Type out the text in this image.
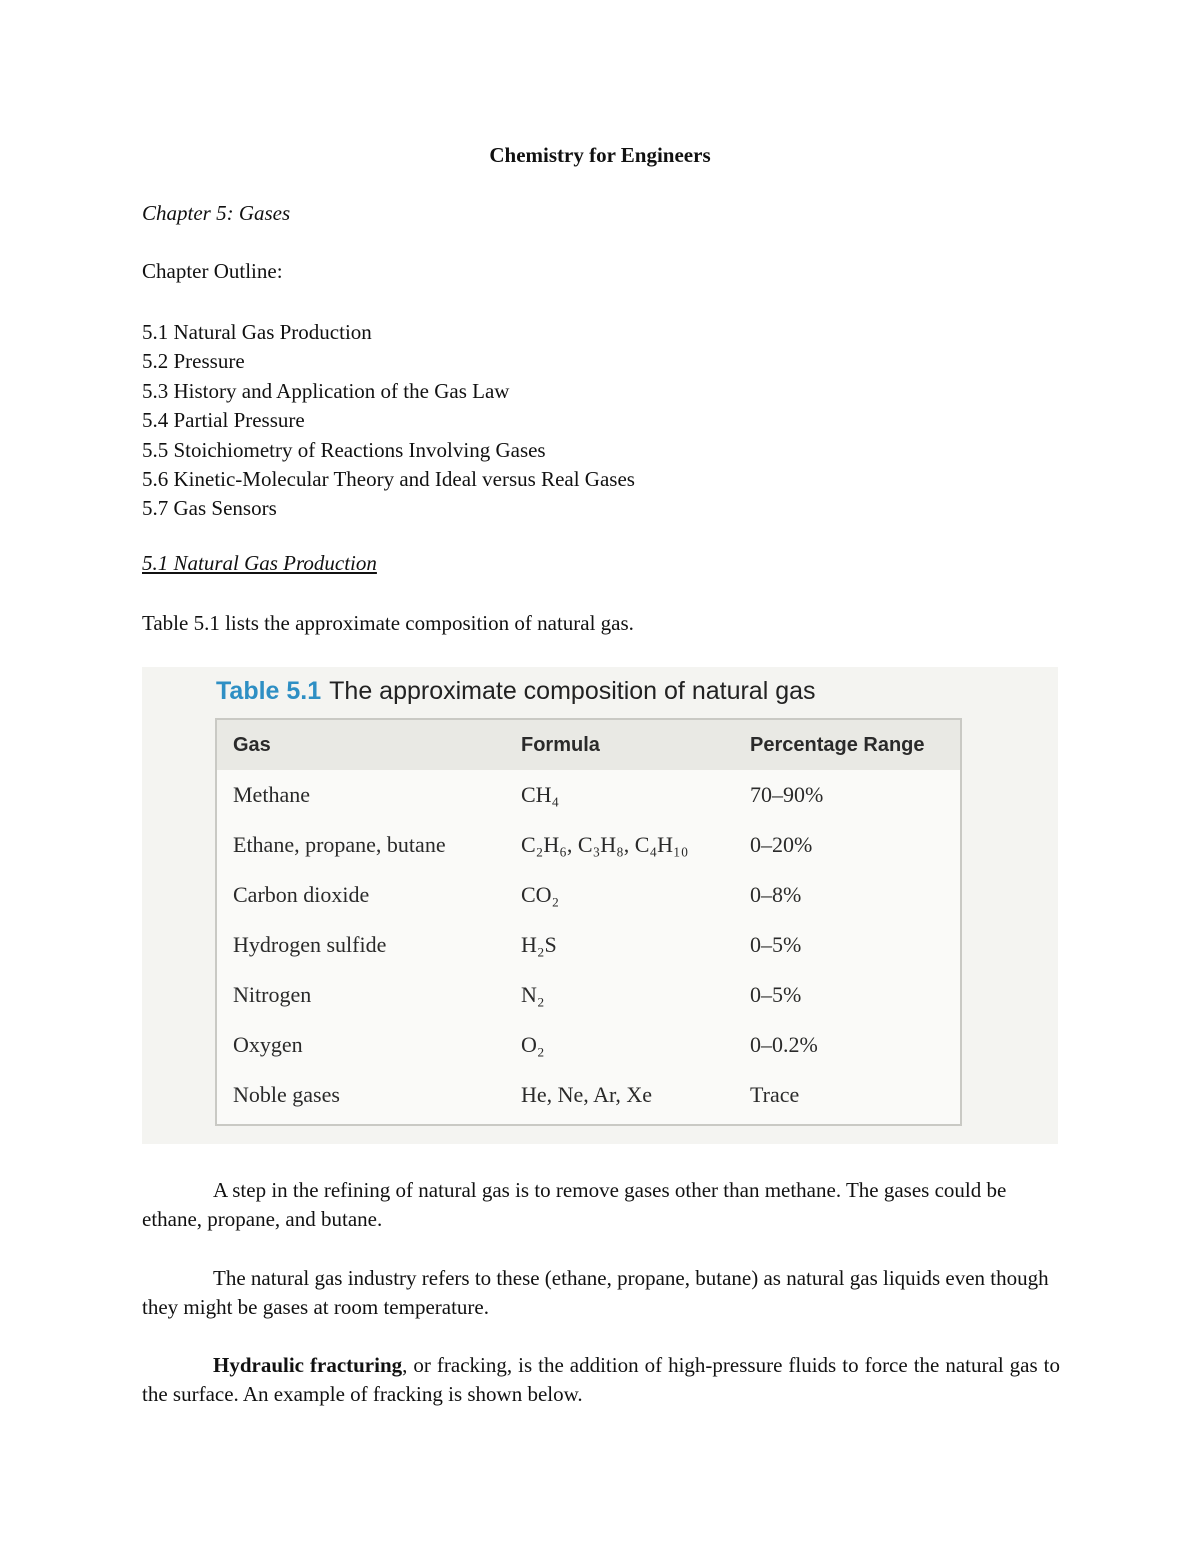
Chemistry for Engineers
Chapter 5: Gases
Chapter Outline:
5.1 Natural Gas Production
5.2 Pressure
5.3 History and Application of the Gas Law
5.4 Partial Pressure
5.5 Stoichiometry of Reactions Involving Gases
5.6 Kinetic-Molecular Theory and Ideal versus Real Gases
5.7 Gas Sensors
5.1 Natural Gas Production
Table 5.1 lists the approximate composition of natural gas.
Table 5.1 The approximate composition of natural gas
Gas	Formula	Percentage Range
Methane	CH₄	70–90%
Ethane, propane, butane	C₂H₆, C₃H₈, C₄H₁₀	0–20%
Carbon dioxide	CO₂	0–8%
Hydrogen sulfide	H₂S	0–5%
Nitrogen	N₂	0–5%
Oxygen	O₂	0–0.2%
Noble gases	He, Ne, Ar, Xe	Trace

A step in the refining of natural gas is to remove gases other than methane. The gases could be ethane, propane, and butane.

The natural gas industry refers to these (ethane, propane, butane) as natural gas liquids even though they might be gases at room temperature.

Hydraulic fracturing, or fracking, is the addition of high-pressure fluids to force the natural gas to the surface. An example of fracking is shown below.
